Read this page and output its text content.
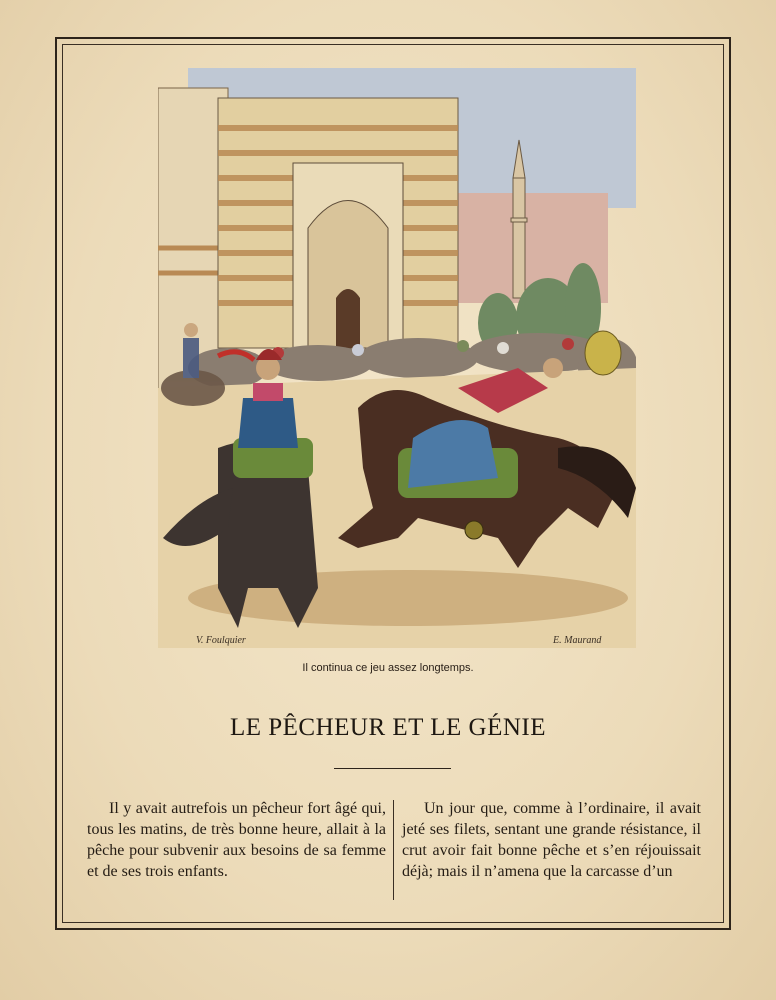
V. Foulquier	E. Maurand
Il continua ce jeu assez longtemps.
LE PÊCHEUR ET LE GÉNIE
Il y avait autrefois un pêcheur fort âgé qui, tous les matins, de très bonne heure, allait à la pêche pour subvenir aux besoins de sa femme et de ses trois enfants.
Un jour que, comme à l’ordinaire, il avait jeté ses filets, sentant une grande résistance, il crut avoir fait bonne pêche et s’en réjouissait déjà; mais il n’amena que la carcasse d’un
